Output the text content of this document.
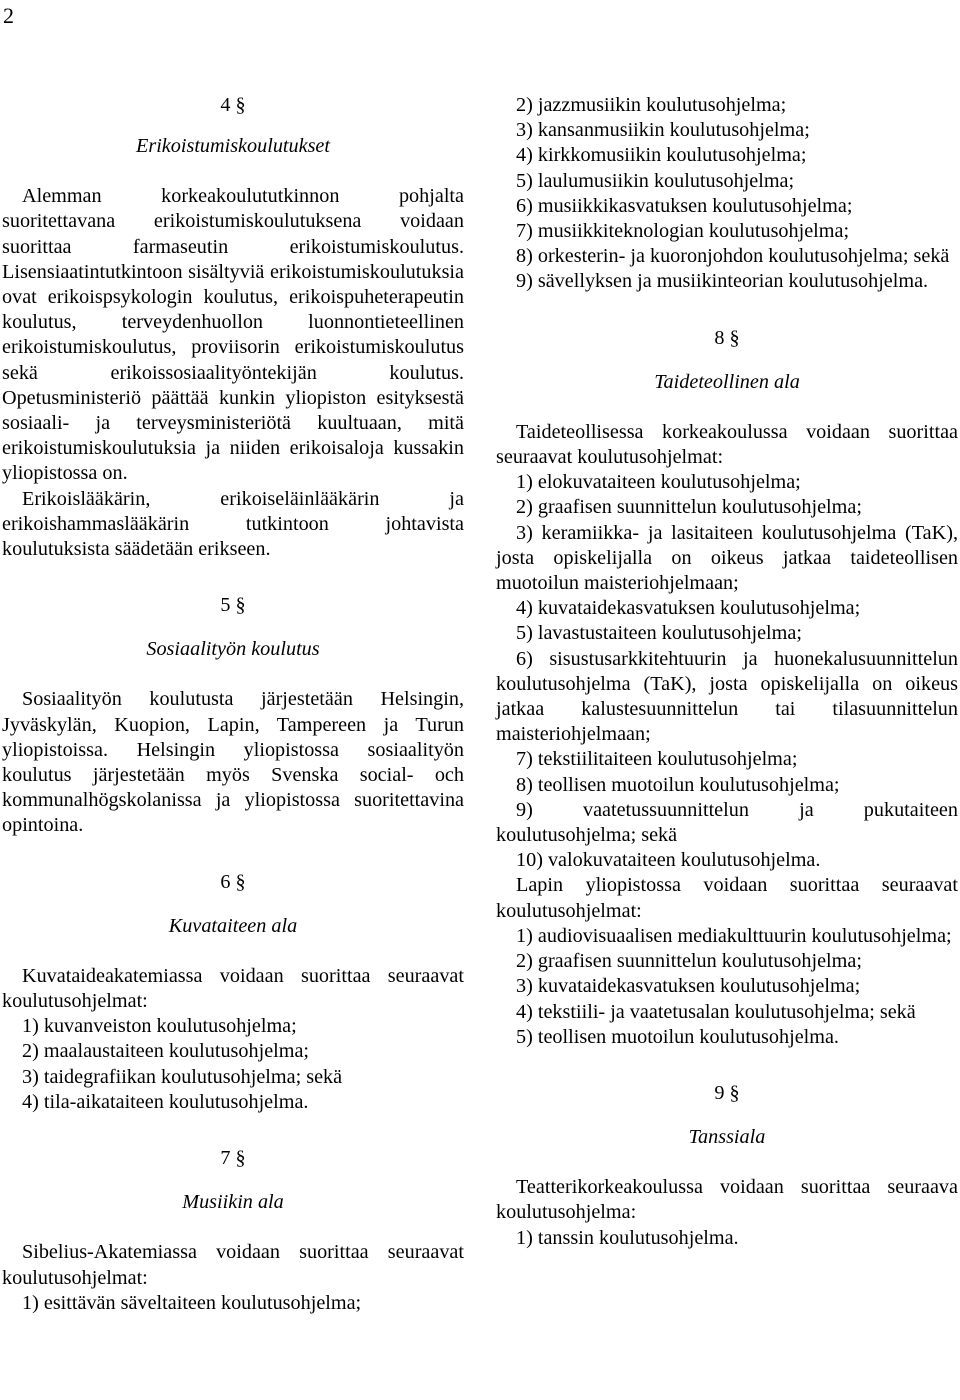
2
4 §
Erikoistumiskoulutukset

Alemman korkeakoulututkinnon pohjalta suoritettavana erikoistumiskoulutuksena voidaan suorittaa farmaseutin erikoistumiskoulutus. Lisensiaatintutkintoon sisältyviä erikoistumiskoulutuksia ovat erikoispsykologin koulutus, erikoispuheterapeutin koulutus, terveydenhuollon luonnontieteellinen erikoistumiskoulutus, proviisorin erikoistumiskoulutus sekä erikoissosiaalityöntekijän koulutus. Opetusministeriö päättää kunkin yliopiston esityksestä sosiaali- ja terveysministeriötä kuultuaan, mitä erikoistumiskoulutuksia ja niiden erikoisaloja kussakin yliopistossa on.

Erikoislääkärin, erikoiseläinlääkärin ja erikoishammaslääkärin tutkintoon johtavista koulutuksista säädetään erikseen.

5 §
Sosiaalityön koulutus

Sosiaalityön koulutusta järjestetään Helsingin, Jyväskylän, Kuopion, Lapin, Tampereen ja Turun yliopistoissa. Helsingin yliopistossa sosiaalityön koulutus järjestetään myös Svenska social- och kommunalhögskolanissa ja yliopistossa suoritettavina opintoina.

6 §
Kuvataiteen ala

Kuvataideakatemiassa voidaan suorittaa seuraavat koulutusohjelmat:

1) kuvanveiston koulutusohjelma;

2) maalaustaiteen koulutusohjelma;

3) taidegrafiikan koulutusohjelma; sekä

4) tila-aikataiteen koulutusohjelma.

7 §
Musiikin ala

Sibelius-Akatemiassa voidaan suorittaa seuraavat koulutusohjelmat:

1) esittävän säveltaiteen koulutusohjelma;

2) jazzmusiikin koulutusohjelma;

3) kansanmusiikin koulutusohjelma;

4) kirkkomusiikin koulutusohjelma;

5) laulumusiikin koulutusohjelma;

6) musiikkikasvatuksen koulutusohjelma;

7) musiikkiteknologian koulutusohjelma;

8) orkesterin- ja kuoronjohdon koulutusohjelma; sekä

9) sävellyksen ja musiikinteorian koulutusohjelma.

8 §
Taideteollinen ala

Taideteollisessa korkeakoulussa voidaan suorittaa seuraavat koulutusohjelmat:

1) elokuvataiteen koulutusohjelma;

2) graafisen suunnittelun koulutusohjelma;

3) keramiikka- ja lasitaiteen koulutusohjelma (TaK), josta opiskelijalla on oikeus jatkaa taideteollisen muotoilun maisteriohjelmaan;

4) kuvataidekasvatuksen koulutusohjelma;

5) lavastustaiteen koulutusohjelma;

6) sisustusarkkitehtuurin ja huonekalusuunnittelun koulutusohjelma (TaK), josta opiskelijalla on oikeus jatkaa kalustesuunnittelun tai tilasuunnittelun maisteriohjelmaan;

7) tekstiilitaiteen koulutusohjelma;

8) teollisen muotoilun koulutusohjelma;

9) vaatetussuunnittelun ja pukutaiteen koulutusohjelma; sekä

10) valokuvataiteen koulutusohjelma.

Lapin yliopistossa voidaan suorittaa seuraavat koulutusohjelmat:

1) audiovisuaalisen mediakulttuurin koulutusohjelma;

2) graafisen suunnittelun koulutusohjelma;

3) kuvataidekasvatuksen koulutusohjelma;

4) tekstiili- ja vaatetusalan koulutusohjelma; sekä

5) teollisen muotoilun koulutusohjelma.

9 §
Tanssiala

Teatterikorkeakoulussa voidaan suorittaa seuraava koulutusohjelma:

1) tanssin koulutusohjelma.
